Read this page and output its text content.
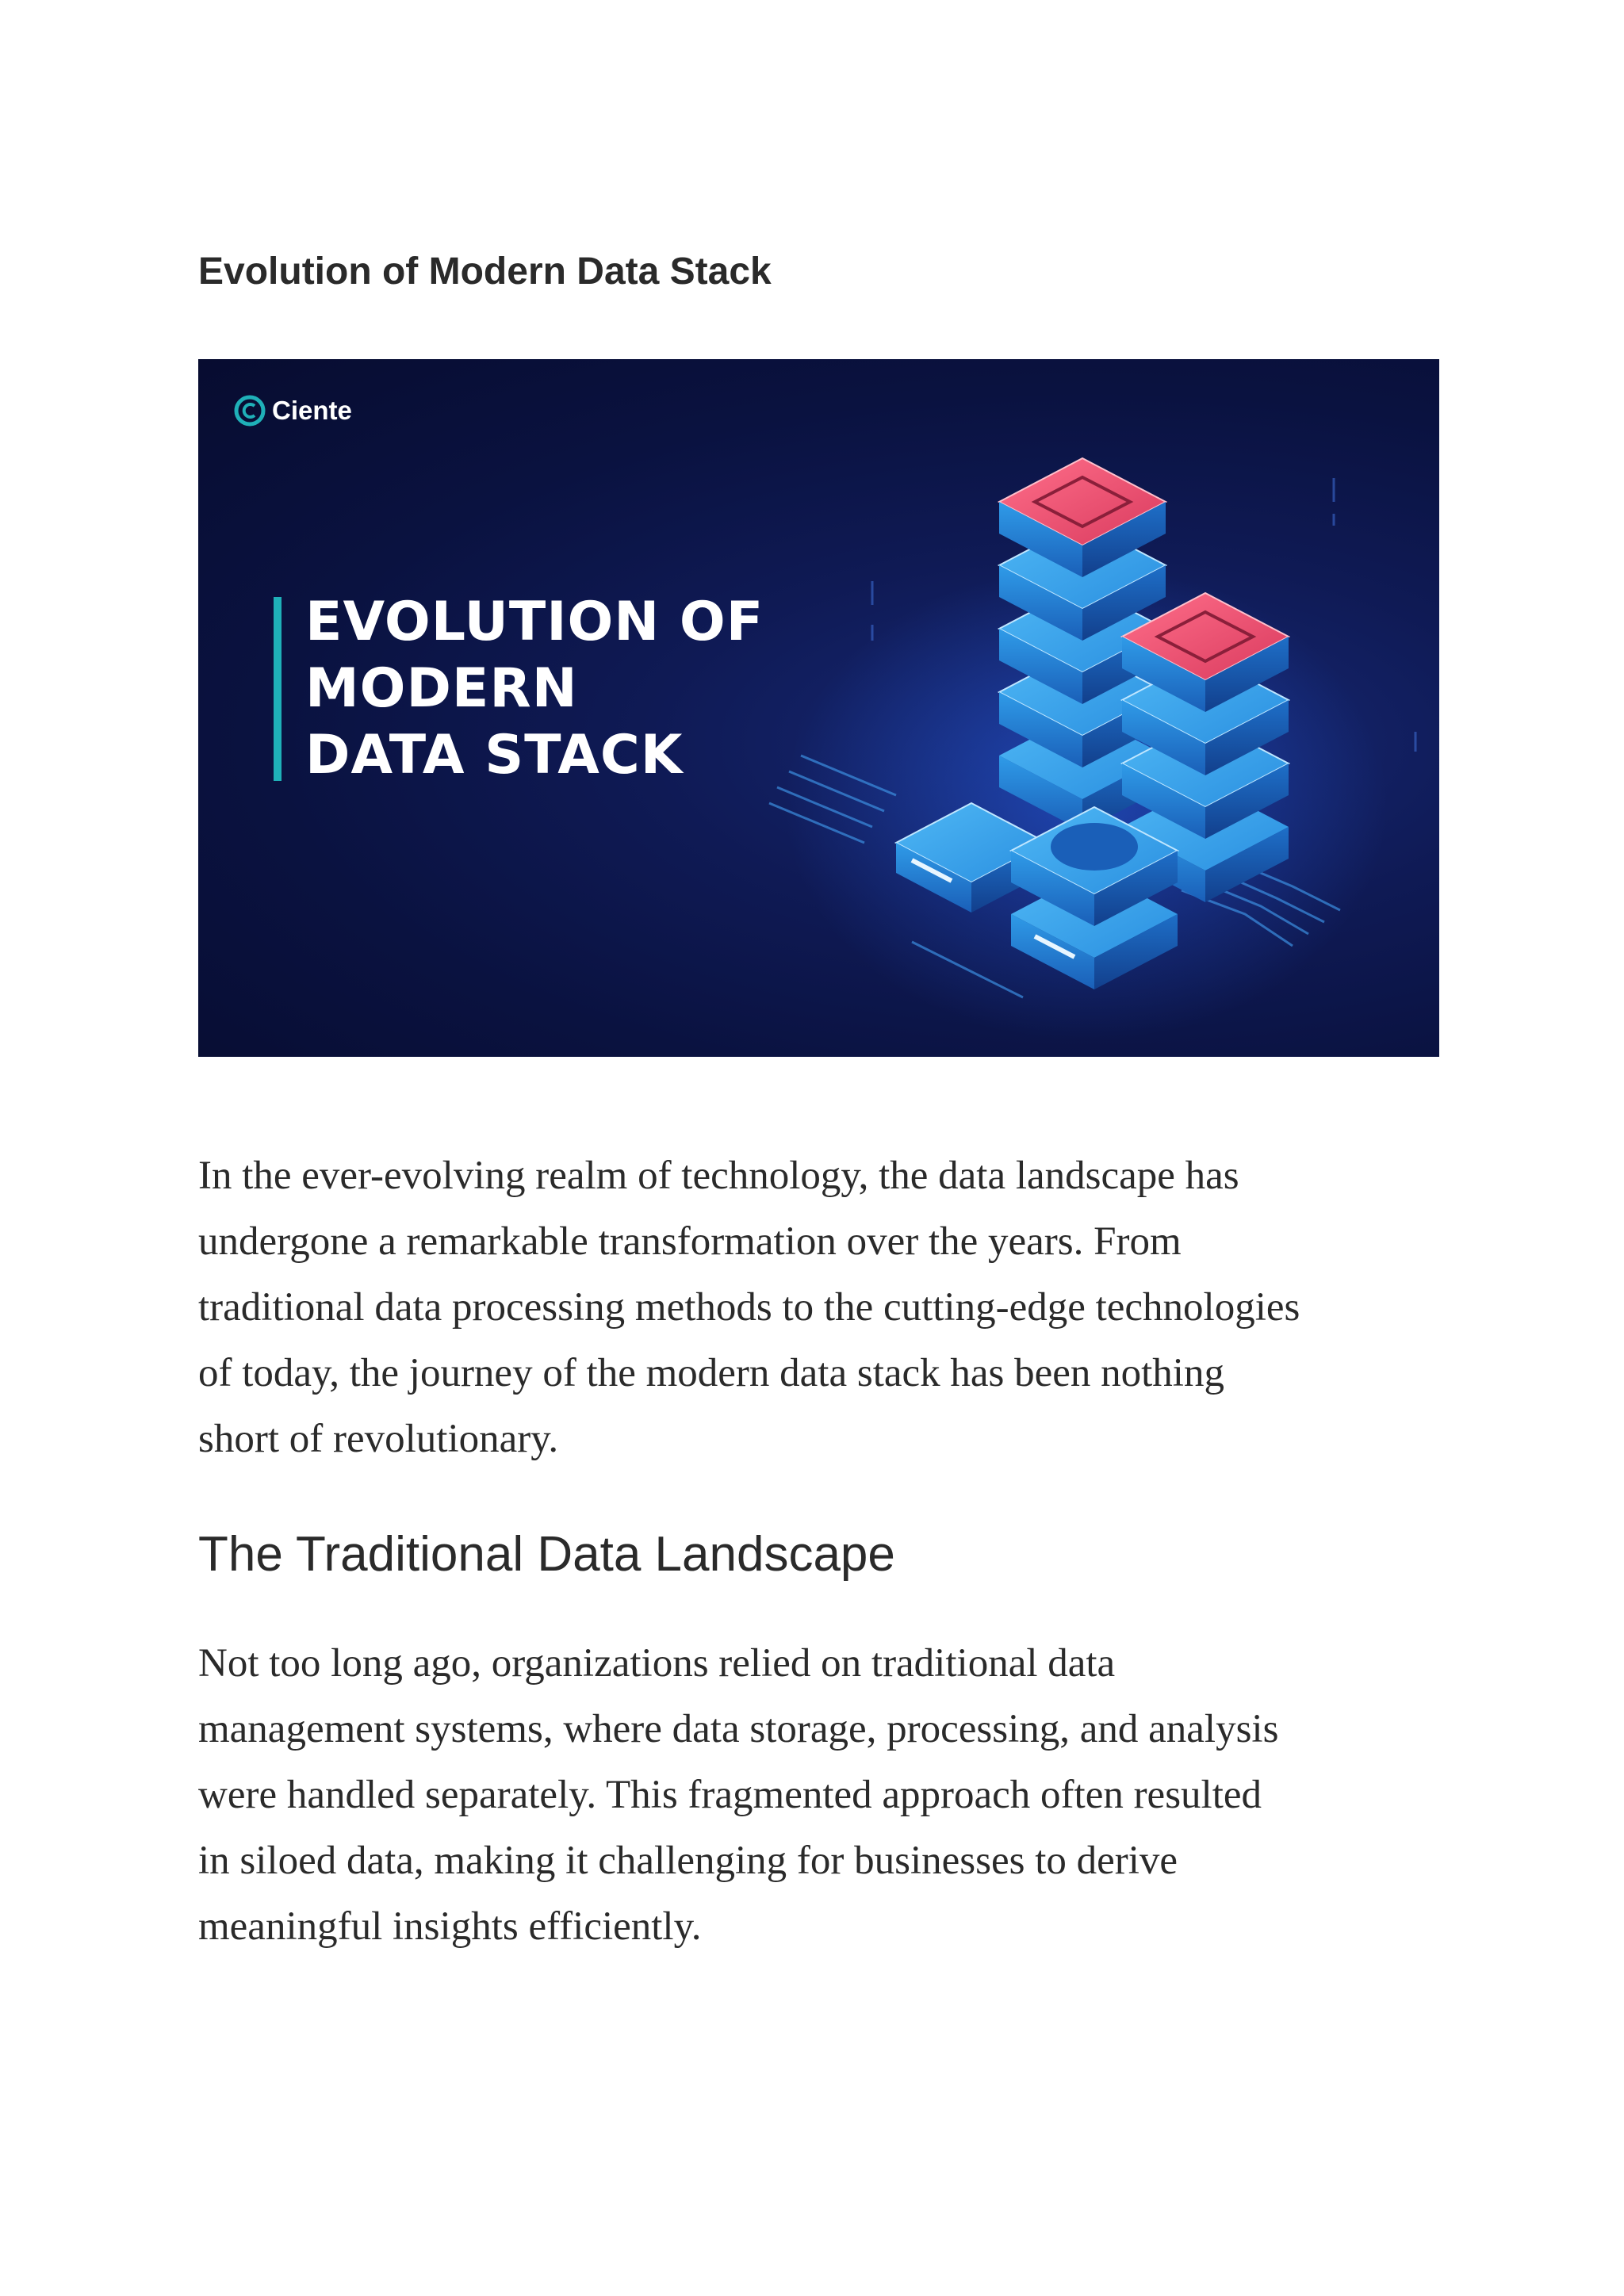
Evolution of Modern Data Stack
Ciente
EVOLUTION OF
MODERN
DATA STACK

In the ever-evolving realm of technology, the data landscape has
undergone a remarkable transformation over the years. From
traditional data processing methods to the cutting-edge technologies
of today, the journey of the modern data stack has been nothing
short of revolutionary.

The Traditional Data Landscape

Not too long ago, organizations relied on traditional data
management systems, where data storage, processing, and analysis
were handled separately. This fragmented approach often resulted
in siloed data, making it challenging for businesses to derive
meaningful insights efficiently.
